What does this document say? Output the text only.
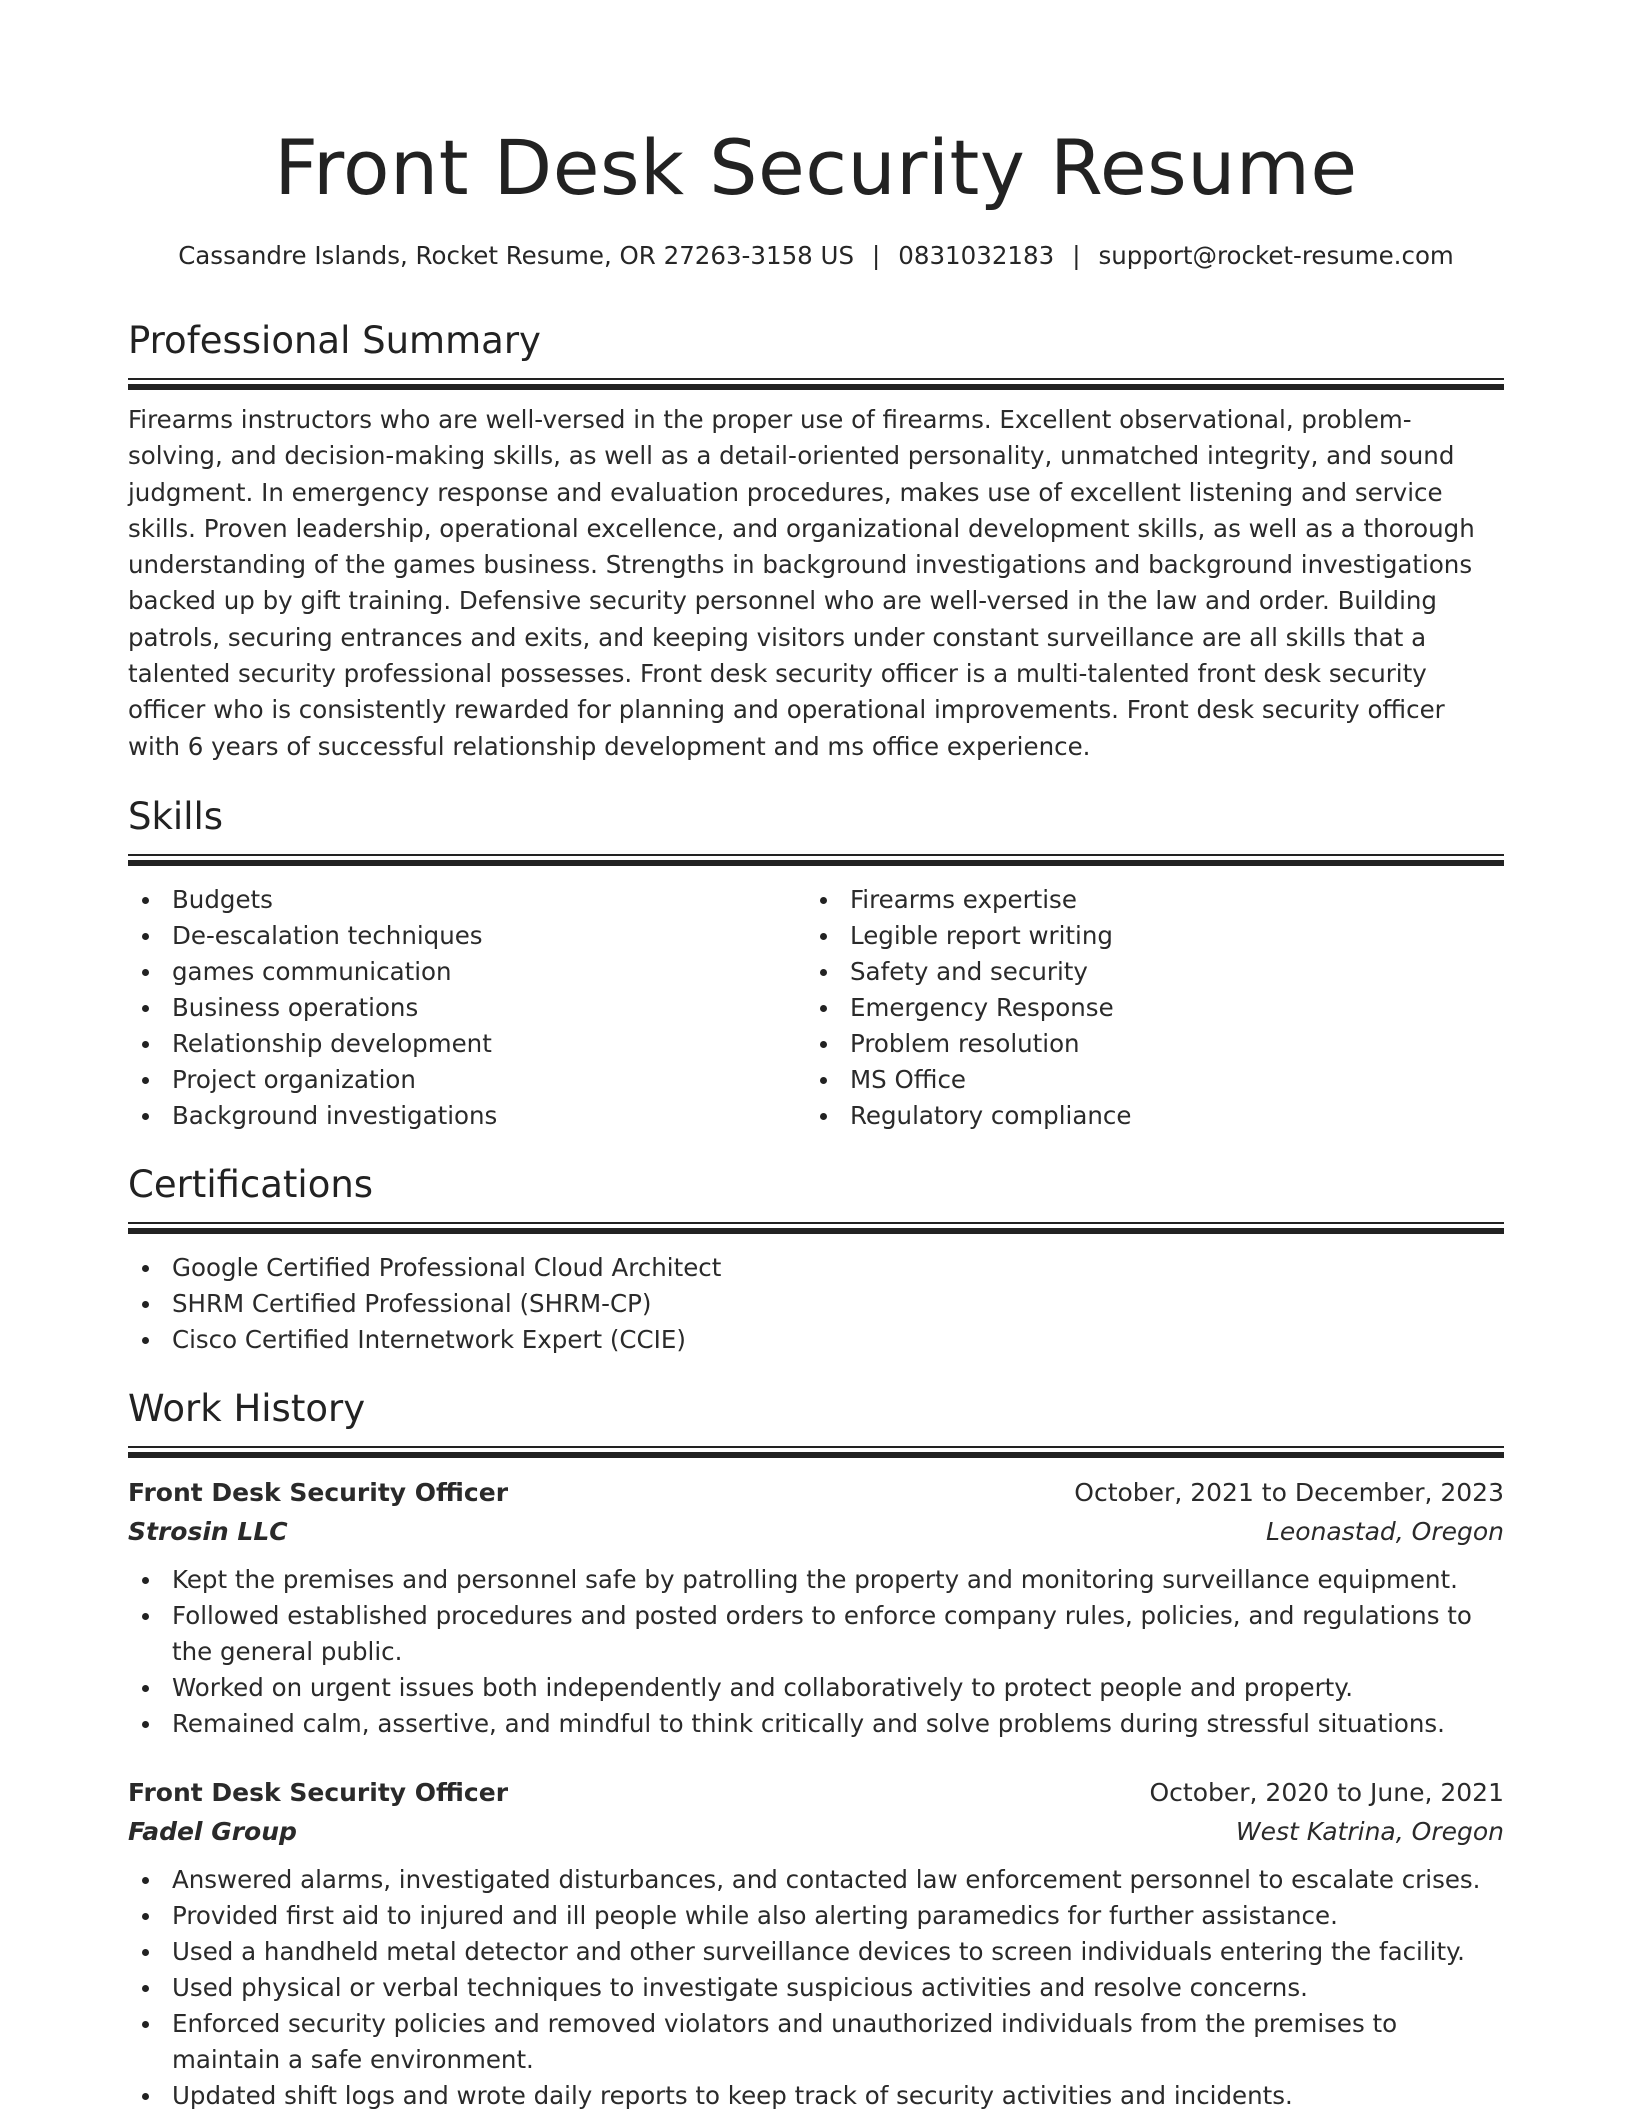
Front Desk Security Resume
Cassandre Islands, Rocket Resume, OR 27263-3158 US | 0831032183 | support@rocket-resume.com
Professional Summary

Firearms instructors who are well-versed in the proper use of firearms. Excellent observational, problem-solving, and decision-making skills, as well as a detail-oriented personality, unmatched integrity, and sound judgment. In emergency response and evaluation procedures, makes use of excellent listening and service skills. Proven leadership, operational excellence, and organizational development skills, as well as a thorough understanding of the games business. Strengths in background investigations and background investigations backed up by gift training. Defensive security personnel who are well-versed in the law and order. Building patrols, securing entrances and exits, and keeping visitors under constant surveillance are all skills that a talented security professional possesses. Front desk security officer is a multi-talented front desk security officer who is consistently rewarded for planning and operational improvements. Front desk security officer with 6 years of successful relationship development and ms office experience.

Skills
Budgets
De-escalation techniques
games communication
Business operations
Relationship development
Project organization
Background investigations
Firearms expertise
Legible report writing
Safety and security
Emergency Response
Problem resolution
MS Office
Regulatory compliance
Certifications
Google Certified Professional Cloud Architect
SHRM Certified Professional (SHRM-CP)
Cisco Certified Internetwork Expert (CCIE)
Work History
Front Desk Security Officer	October, 2021 to December, 2023
Strosin LLC	Leonastad, Oregon
Kept the premises and personnel safe by patrolling the property and monitoring surveillance equipment.
Followed established procedures and posted orders to enforce company rules, policies, and regulations to the general public.
Worked on urgent issues both independently and collaboratively to protect people and property.
Remained calm, assertive, and mindful to think critically and solve problems during stressful situations.
Front Desk Security Officer	October, 2020 to June, 2021
Fadel Group	West Katrina, Oregon
Answered alarms, investigated disturbances, and contacted law enforcement personnel to escalate crises.
Provided first aid to injured and ill people while also alerting paramedics for further assistance.
Used a handheld metal detector and other surveillance devices to screen individuals entering the facility.
Used physical or verbal techniques to investigate suspicious activities and resolve concerns.
Enforced security policies and removed violators and unauthorized individuals from the premises to maintain a safe environment.
Updated shift logs and wrote daily reports to keep track of security activities and incidents.
